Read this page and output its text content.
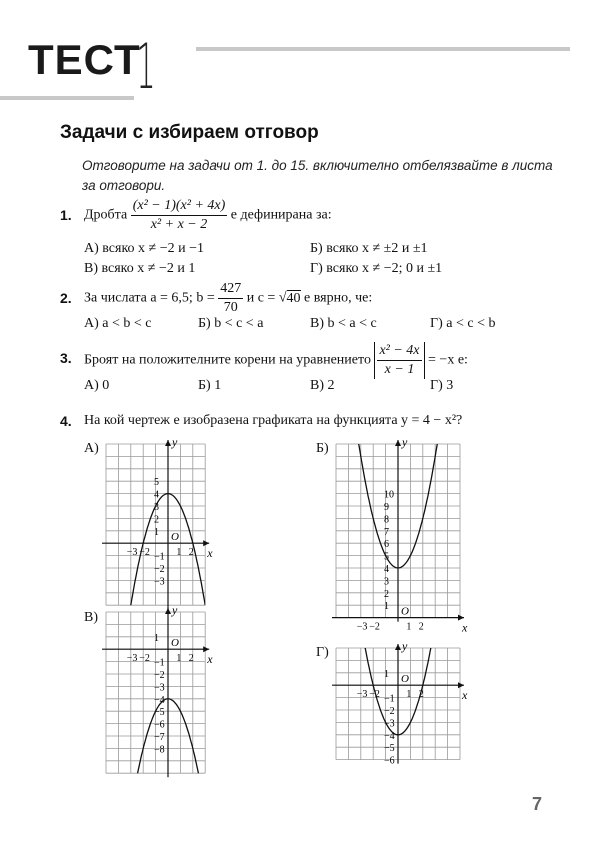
ТЕСТ
1
Задачи с избираем отговор
Отговорите на задачи от 1. до 15. включително отбелязвайте в листа за отговори.
1. Дробта $\frac{\text{(x² − 1)(x² + 4x)}}{\text{x² + x − 2}}$ е дефинирана за:
А) всяко x ≠ −2 и −1	Б) всяко x ≠ ±2 и ±1
В) всяко x ≠ −2 и 1	Г) всяко x ≠ −2; 0 и ±1
2. За числата a = 6,5; $b = \frac{427}{70}$ и c = √40 е вярно, че:
А) a < b < c	Б) b < c < a	В) b < a < c	Г) a < c < b
3. Броят на положителните корени на уравнението $\frac{\text{x² − 4x}}{x - 1} = -x$ е:
А) 0	Б) 1	В) 2	Г) 3
4. На кой чертеж е изобразена графиката на функцията y = 4 − x²?
А)	Б)
В)
Г)
x
y
O
−3 −2	1 2
5
4
3
2
1
−1
−2
−3
x
y
O
−3 −2	1 2
10
9
8
7
6
5
4
3
2
1
x
y
O
−3 −2	1 2
1
−1
−2
−3
−4
−5
−6
−7
−8
x
y
O
−3 −2	1 2
1
−1
−2
−3
−4
−5
−6
7
